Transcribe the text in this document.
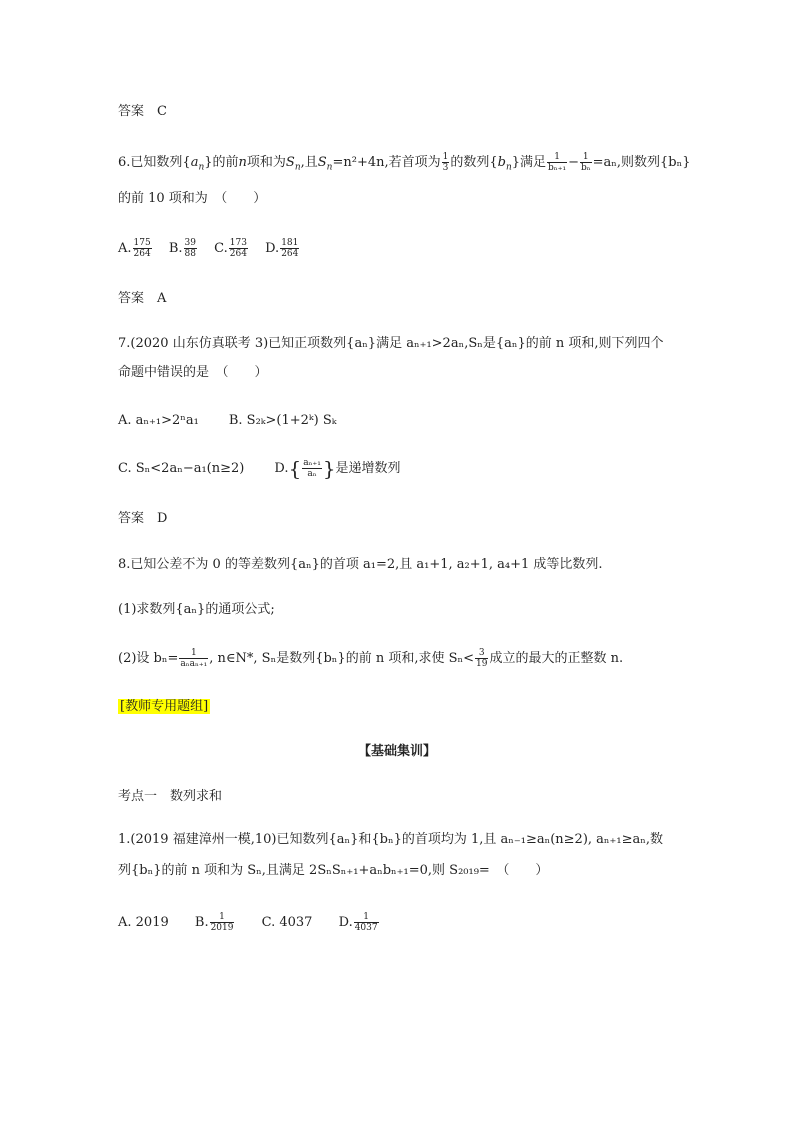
答案　 C
6.已知数列$\{a_n\}$的前n项和为$S_n$,且$S_n=n^2+4n$,若首项为 $\frac{1}{3}$ 的数列$\{b_n\}$满足 $\frac{1}{\text{bₙ₊₁}} - \frac{1}{\text{bₙ}} =a_n$,则数列{bₙ}
的前 10 项和为　（　　）
A. $\frac{175}{264} B$. $\frac{39}{88} C$. $\frac{173}{264} D$. $\frac{181}{264}$
答案　 A
7.(2020 山东仿真联考 3)已知正项数列{aₙ}满足 aₙ₊₁>2aₙ,Sₙ是{aₙ}的前 n 项和,则下列四个
命题中错误的是　（　　）
A. aₙ₊₁>2ⁿa₁ B. S₂ₖ>(1+2ᵏ) Sₖ
C. Sₙ<2aₙ−a₁(n≥2) $D.\{ \frac{\text{aₙ₊₁}}{\text{aₙ}}$ }是递增数列
答案　 D
8.已知公差不为 0 的等差数列{aₙ}的首项 a₁=2,且 a₁+1, a₂+1, a₄+1 成等比数列.
(1)求数列{aₙ}的通项公式;
(2)设 $b_n= \frac{1}{\text{aₙaₙ₊₁}}$ , n∈N*, Sₙ是数列{bₙ}的前 n 项和,求使 $S_n< \frac{3}{19}$ 成立的最大的正整数 n.
[教师专用题组]
【基础集训】
考点一　数列求和
1.(2019 福建漳州一模,10)已知数列{aₙ}和{bₙ}的首项均为 1,且 aₙ₋₁≥aₙ(n≥2), aₙ₊₁≥aₙ,数
列{bₙ}的前 n 项和为 Sₙ,且满足 2SₙSₙ₊₁+aₙbₙ₊₁=0,则 S₂₀₁₉=　（　　）
A. 2019 B. $\frac{1}{2019} C$. 4037 D. $\frac{1}{4037}$
